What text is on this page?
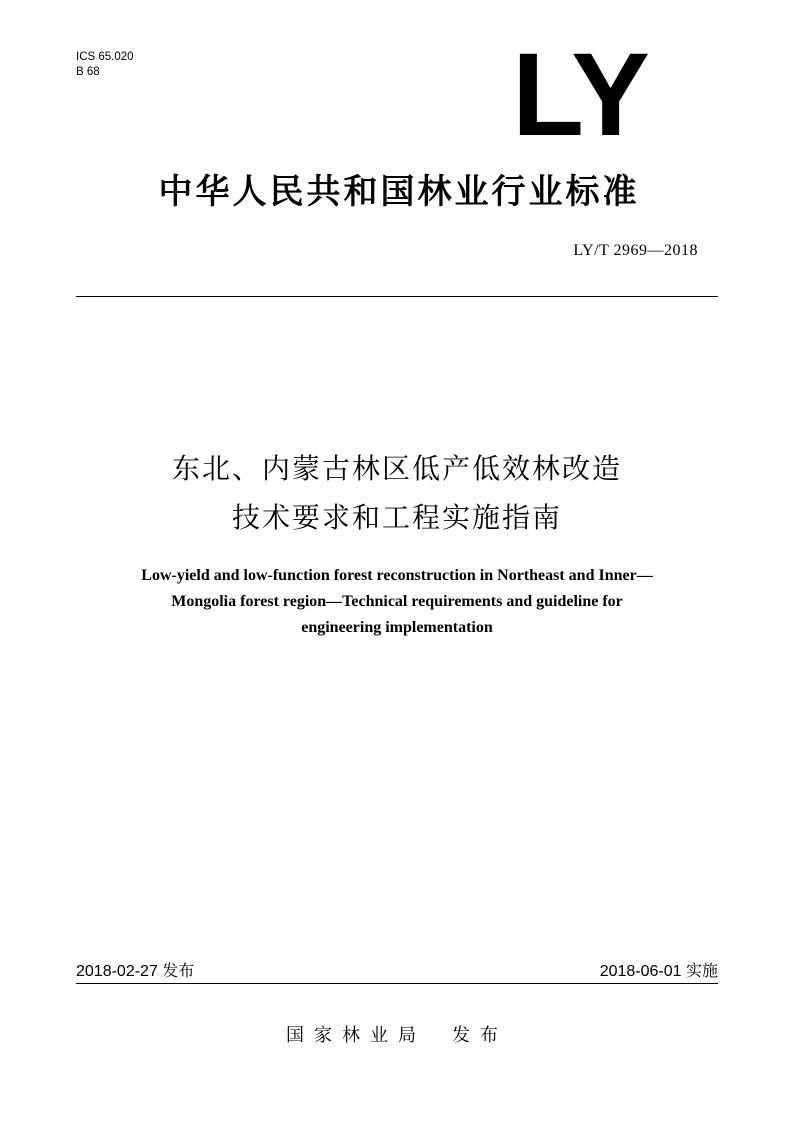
ICS 65.020
B 68	LY
中华人民共和国林业行业标准
LY/T 2969—2018
东北、内蒙古林区低产低效林改造
技术要求和工程实施指南
Low-yield and low-function forest reconstruction in Northeast and Inner—
Mongolia forest region—Technical requirements and guideline for
engineering implementation
2018-02-27 发布	2018-06-01 实施
国家林业局 发布
